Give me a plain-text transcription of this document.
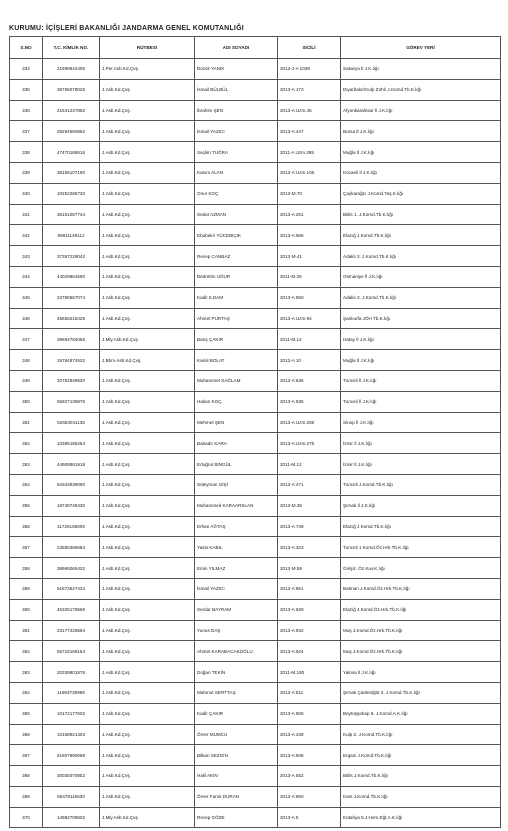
KURUMU: İÇİŞLERİ BAKANLIĞI JANDARMA GENEL KOMUTANLIĞI
S.NO	T.C. KİMLİK NO.	RÜTBESİ	ADI SOYADI	SİCİLİ	GÖREV YERİ
334	21699842406	J.Per.Asb.Kd.Çvş.	Bozok YANIK	2013-J-A 1038	Sakarya İl J.K.lığı
335	36766078026	J.Asb.Kd.Çvş.	İsmail BÜLBÜL	2013-A 173	Diyarbakır/Kulp Zırhlı J.Komd.Tb.K.lığı
336	21541247862	J.Asb.Kd.Çvş.	İbrahim ŞEN	2013-A Uzm.45	Afyonkarahisar İl J.K.lığı
337	28294550862	J.Asb.Kd.Çvş.	İsmail YAZICI	2013-A 447	Bursa İl J.K.lığı
338	47470168616	J.Asb.Kd.Çvş.	Seçkin TUĞRA	2011-A Uzm.395	Muğla İl J.K.lığı
339	38155107160	J.Asb.Kd.Çvş.	Kasım ALAN	2013-A Uzm.106	Kocaeli İl J.K.lığı
340	10252265720	J.Asb.Kd.Çvş.	Onur KOÇ	2013-M.70	Çaykarağzı J.Komd.Taş.K.lığı
341	36161067744	J.Asb.Kd.Çvş.	Sedat AZMAN	2013-A 251	Bitlis 1. J.Komd.Tb.K.lığı
342	69911149112	J.Asb.Kd.Çvş.	Ebubekir YÜCEBIÇIK	2013-A 966	Elazığ J.Komd.Tb.K.lığı
343	37357229042	J.Asb.Kd.Çvş.	Recep CANBAZ	2013-M.41	Adaklı 3. J.Komd.Tb.K.lığı
344	44029864560	J.Asb.Kd.Çvş.	Bedrettin UĞUR	2011-M.35	Osmaniye İl J.K.lığı
345	22796667074	J.Asb.Kd.Çvş.	Kadir ILDAM	2013-A 550	Adaklı 3. J.Komd.Tb.K.lığı
346	45656218426	J.Asb.Kd.Çvş.	Ahmet PURTAŞ	2013-A Uzm.94	Şanlıurfa JÖH Tb.K.lığı
347	39694784056	J.Mly.Asb.Kd.Çvş.	Barış ÇAKIR	2011-M.12	Hatay İl J.K.lığı
348	15784874532	J.Bhm.Asb.Kd.Çvş.	Kamil BOLAT	2013-A 10	Muğla İl J.K.lığı
349	20762849520	J.Asb.Kd.Çvş.	Muhammet SAĞLAM	2013-A 636	Tunceli İl J.K.lığı
350	55927139876	J.Asb.Kd.Çvş.	Hakan KOÇ	2013-A 635	Tunceli İl J.K.lığı
351	52663041136	J.Asb.Kd.Çvş.	Mehmet ŞEN	2013-A Uzm.286	Sinop İl J.K.lığı
352	10386186264	J.Asb.Kd.Çvş.	Bahadır KARA	2013-A Uzm.275	İzmir İl J.K.lığı
353	44908861918	J.Asb.Kd.Çvş.	Ertuğrul BİNGÜL	2011-M.12	İzmir İl J.K.lığı
354	64343939060	J.Asb.Kd.Çvş.	Süleyman GİŞİ	2013-A 471	Tunceli J.Komd.Tb.K.lığı
355	18749748430	J.Asb.Kd.Çvş.	Muhammed KARAARSLAN	2013-M.35	Şırnak İl J.K.lığı
356	11726155606	J.Asb.Kd.Çvş.	Erhan AĞTAŞ	2013-A 749	Elazığ J.Komd.Tb.K.lığı
357	23580386684	J.Asb.Kd.Çvş.	Yasin KABIL	2013-A 323	Tunceli 1 Komd.Öz.Hrk.Tb.K.lığı
358	38986065432	J.Asb.Kd.Çvş.	Emin YILMAZ	2013-M.59	Girişiz. Öz.Kuv.K.lığı
359	51673527434	J.Asb.Kd.Çvş.	İsmail YAZICI	2013-A 851	Batman J.Komd.Öz.Hrk.Tb.K.lığı
360	45325176566	J.Asb.Kd.Çvş.	Serdar BAYRAM	2013-A 629	Elazığ J.Komd.Öz.Hrk.Tb.K.lığı
361	23177426664	J.Asb.Kd.Çvş.	Yunus DAŞ	2013-A 932	Muş J.Komd.Öz.Hrk.Tb.K.lığı
362	55716168164	J.Asb.Kd.Çvş.	Ahmet KARABACAKOĞLU	2013-A 924	Muş J.Komd.Öz.Hrk.Tb.K.lığı
363	20339801876	J.Asb.Kd.Çvş.	Doğan TEKİN	2011-M.180	Yalova İl J.K.lığı
364	11693735986	J.Asb.Kd.Çvş.	Mahmut SERTTAŞ	2013-A 511	Şırnak Çatıksöğüt 3. J.Komd.Tb.K.lığı
365	10172177602	J.Asb.Kd.Çvş.	Kadir ÇAKIR	2013-A 606	Beytüşşebap 6. J.Komd.A.K.lığı
366	10168921403	J.Asb.Kd.Çvş.	Ömer MUMCU	2013-A 439	Kulp 2. J.Komd.Tb.K.lığı
367	51607890088	J.Asb.Kd.Çvş.	Bilkan SEZGİN	2013-A 508	Ergani J.Komd.Tb.K.lığı
368	30035070852	J.Asb.Kd.Çvş.	Halil AKIN	2013-A 552	Bitlis J.Komd.Tb.K.lığı
369	56478116530	J.Asb.Kd.Çvş.	Ömer Faruk DURAN	2013-A 850	Kars J.Komd.Tb.K.lığı
370	14982708802	J.Mly.Asb.Kd.Çvş.	Recep GÖZE	2013-A 5	Kütahya 5.J.Hom.Eğt.A.K.lığı
